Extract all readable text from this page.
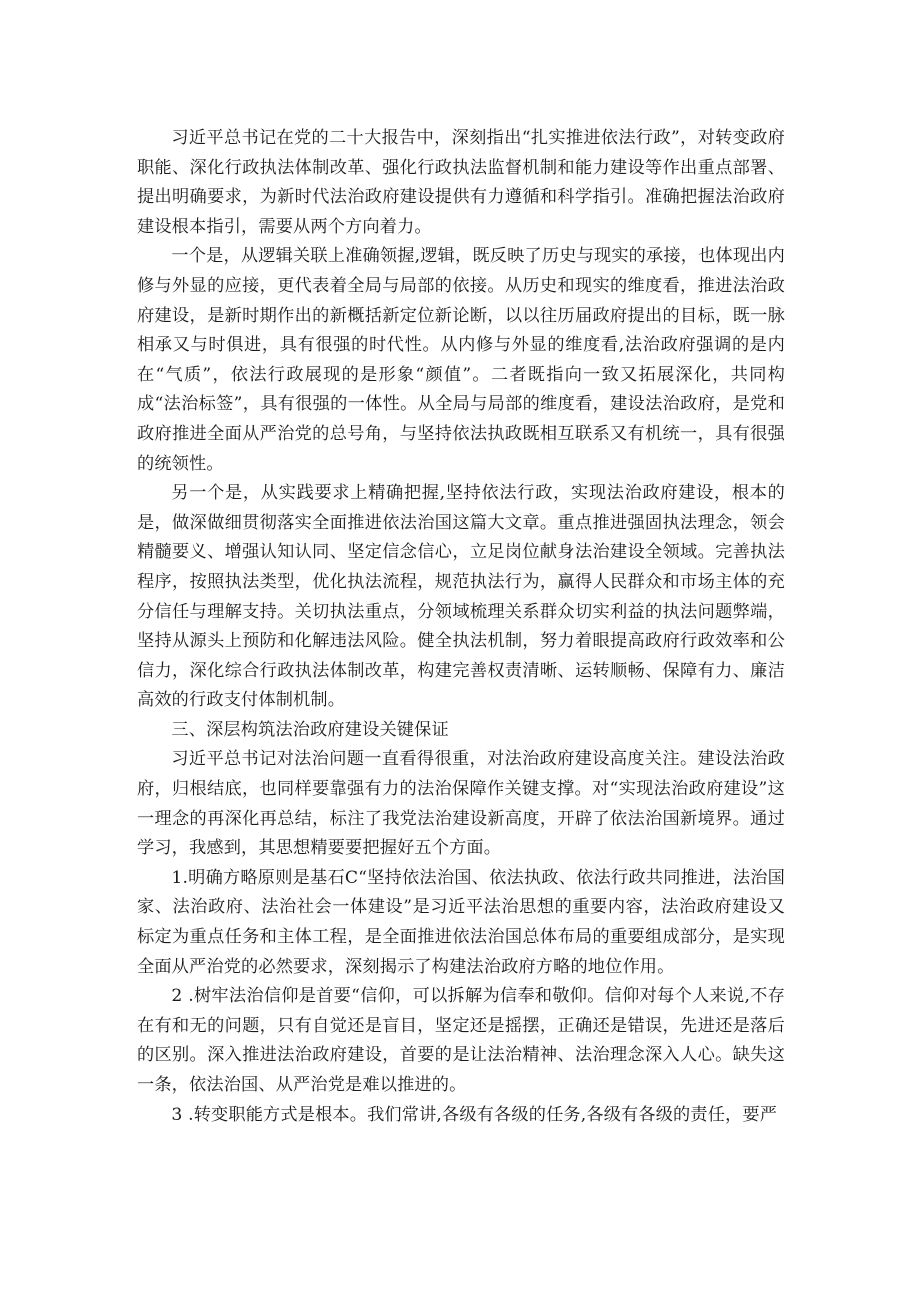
习近平总书记在党的二十大报告中，深刻指出“扎实推进依法行政”，对转变政府职能、深化行政执法体制改革、强化行政执法监督机制和能力建设等作出重点部署、提出明确要求，为新时代法治政府建设提供有力遵循和科学指引。准确把握法治政府建设根本指引，需要从两个方向着力。

一个是，从逻辑关联上准确领握,逻辑，既反映了历史与现实的承接，也体现出内修与外显的应接，更代表着全局与局部的依接。从历史和现实的维度看，推进法治政府建设，是新时期作出的新概括新定位新论断，以以往历届政府提出的目标，既一脉相承又与时俱进，具有很强的时代性。从内修与外显的维度看,法治政府强调的是内在“气质”，依法行政展现的是形象“颜值”。二者既指向一致又拓展深化，共同构成“法治标签”，具有很强的一体性。从全局与局部的维度看，建设法治政府，是党和政府推进全面从严治党的总号角，与坚持依法执政既相互联系又有机统一，具有很强的统领性。

另一个是，从实践要求上精确把握,坚持依法行政，实现法治政府建设，根本的是，做深做细贯彻落实全面推进依法治国这篇大文章。重点推进强固执法理念，领会精髓要义、增强认知认同、坚定信念信心，立足岗位献身法治建设全领域。完善执法程序，按照执法类型，优化执法流程，规范执法行为，赢得人民群众和市场主体的充分信任与理解支持。关切执法重点，分领域梳理关系群众切实利益的执法问题弊端，坚持从源头上预防和化解违法风险。健全执法机制，努力着眼提高政府行政效率和公信力，深化综合行政执法体制改革，构建完善权责清晰、运转顺畅、保障有力、廉洁高效的行政支付体制机制。

三、深层构筑法治政府建设关键保证

习近平总书记对法治问题一直看得很重，对法治政府建设高度关注。建设法治政府，归根结底，也同样要靠强有力的法治保障作关键支撑。对“实现法治政府建设”这一理念的再深化再总结，标注了我党法治建设新高度，开辟了依法治国新境界。通过学习，我感到，其思想精要要把握好五个方面。

1.明确方略原则是基石C“坚持依法治国、依法执政、依法行政共同推进，法治国家、法治政府、法治社会一体建设”是习近平法治思想的重要内容，法治政府建设又标定为重点任务和主体工程，是全面推进依法治国总体布局的重要组成部分，是实现全面从严治党的必然要求，深刻揭示了构建法治政府方略的地位作用。

2 .树牢法治信仰是首要“信仰，可以拆解为信奉和敬仰。信仰对每个人来说,不存在有和无的问题，只有自觉还是盲目，坚定还是摇摆，正确还是错误，先进还是落后的区别。深入推进法治政府建设，首要的是让法治精神、法治理念深入人心。缺失这一条，依法治国、从严治党是难以推进的。

3 .转变职能方式是根本。我们常讲,各级有各级的任务,各级有各级的责任，要严
